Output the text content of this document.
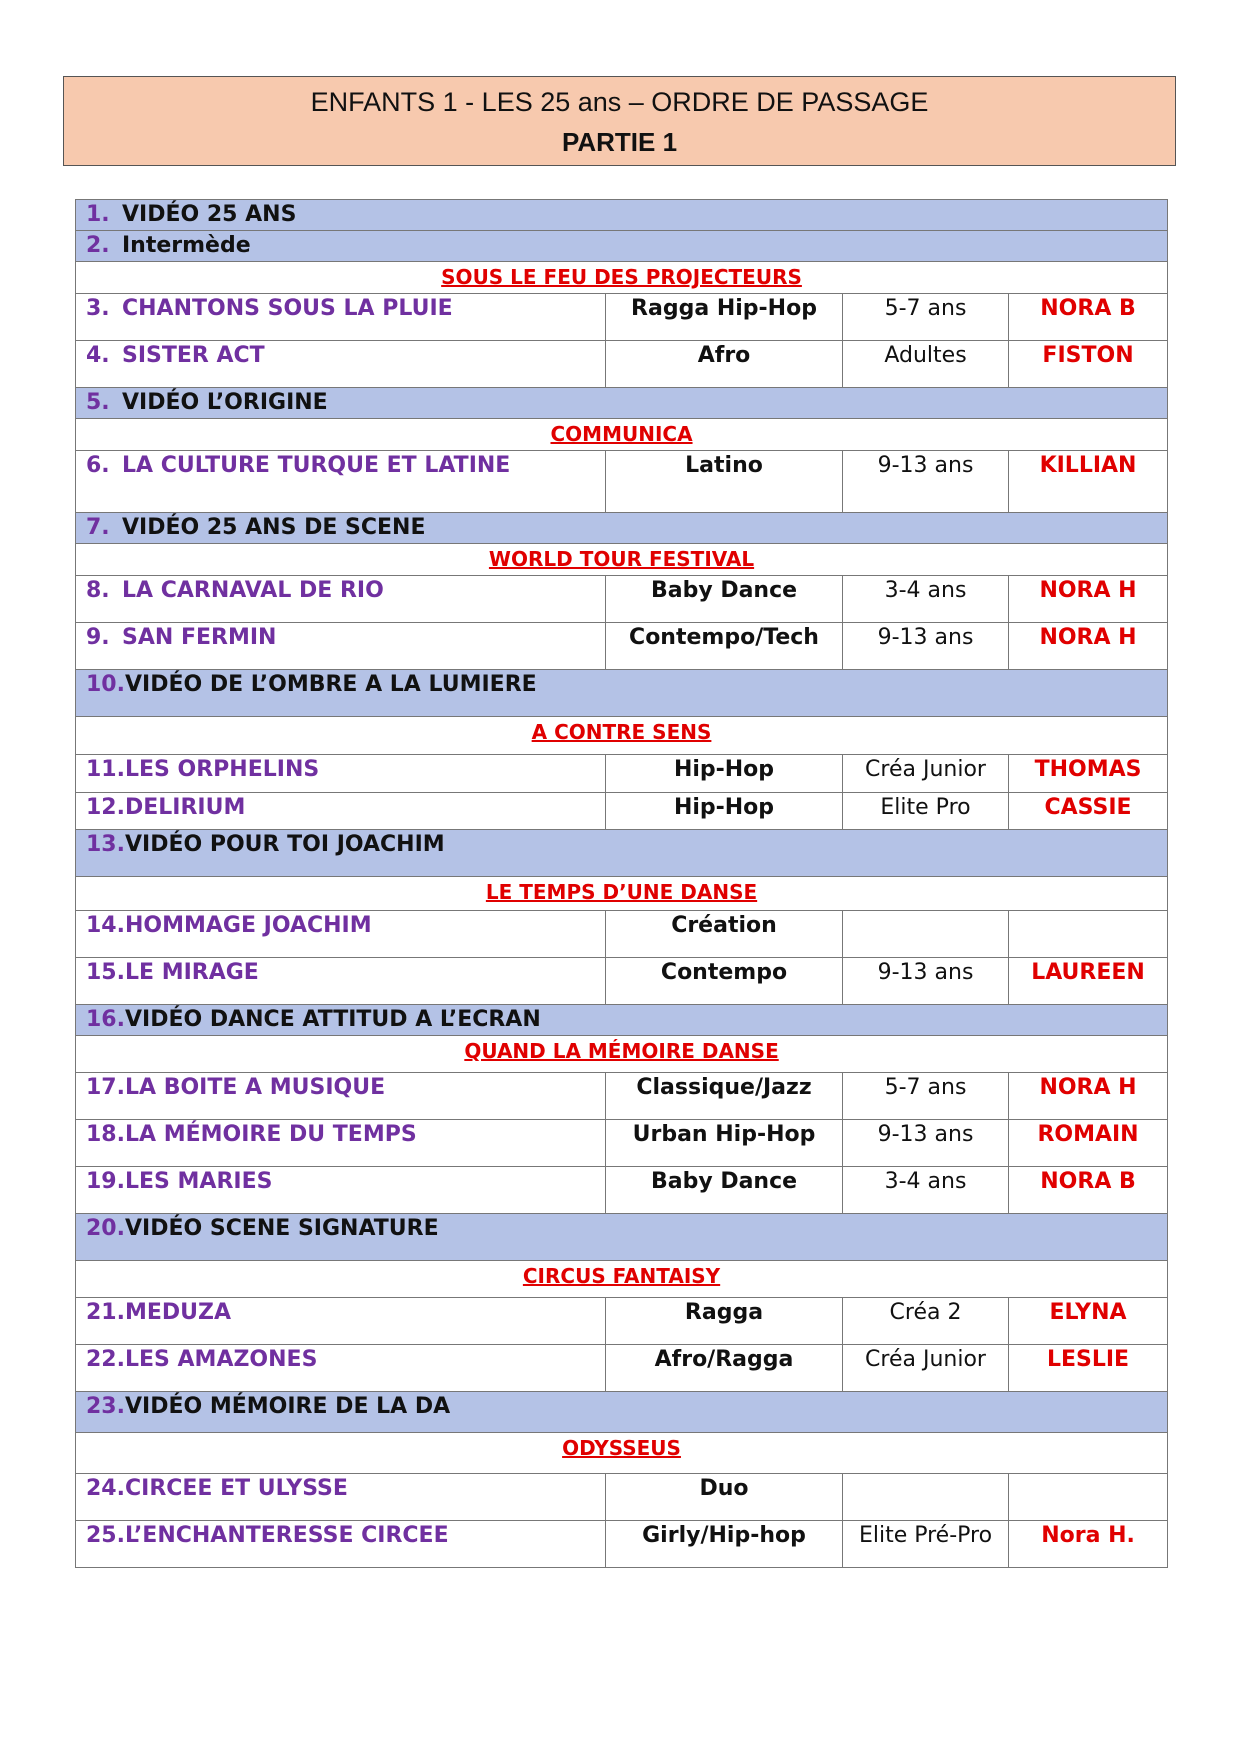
ENFANTS 1 - LES 25 ans – ORDRE DE PASSAGE
PARTIE 1
1. VIDÉO 25 ANS			
2. Intermède			
SOUS LE FEU DES PROJECTEURS			
3. CHANTONS SOUS LA PLUIE	Ragga Hip-Hop	5-7 ans	NORA B
4. SISTER ACT	Afro	Adultes	FISTON
5. VIDÉO L’ORIGINE			
COMMUNICA			
6. LA CULTURE TURQUE ET LATINE	Latino	9-13 ans	KILLIAN
7. VIDÉO 25 ANS DE SCENE			
WORLD TOUR FESTIVAL			
8. LA CARNAVAL DE RIO	Baby Dance	3-4 ans	NORA H
9. SAN FERMIN	Contempo/Tech	9-13 ans	NORA H
10.VIDÉO DE L’OMBRE A LA LUMIERE			
A CONTRE SENS			
11.LES ORPHELINS	Hip-Hop	Créa Junior	THOMAS
12.DELIRIUM	Hip-Hop	Elite Pro	CASSIE
13.VIDÉO POUR TOI JOACHIM			
LE TEMPS D’UNE DANSE			
14.HOMMAGE JOACHIM	Création		
15.LE MIRAGE	Contempo	9-13 ans	LAUREEN
16.VIDÉO DANCE ATTITUD A L’ECRAN			
QUAND LA MÉMOIRE DANSE			
17.LA BOITE A MUSIQUE	Classique/Jazz	5-7 ans	NORA H
18.LA MÉMOIRE DU TEMPS	Urban Hip-Hop	9-13 ans	ROMAIN
19.LES MARIES	Baby Dance	3-4 ans	NORA B
20.VIDÉO SCENE SIGNATURE			
CIRCUS FANTAISY			
21.MEDUZA	Ragga	Créa 2	ELYNA
22.LES AMAZONES	Afro/Ragga	Créa Junior	LESLIE
23.VIDÉO MÉMOIRE DE LA DA			
ODYSSEUS			
24.CIRCEE ET ULYSSE	Duo		
25.L’ENCHANTERESSE CIRCEE	Girly/Hip-hop	Elite Pré-Pro	Nora H.
